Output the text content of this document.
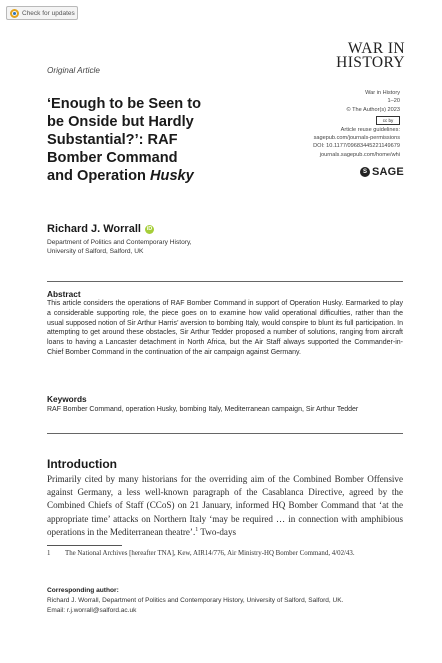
Check for updates
Original Article
WAR IN
HISTORY
‘Enough to be Seen to
be Onside but Hardly
Substantial?’: RAF
Bomber Command
and Operation Husky
War in History
1–20
© The Author(s) 2023
cc by
Article reuse guidelines:
sagepub.com/journals-permissions
DOI: 10.1177/09683445221149679
journals.sagepub.com/home/whi
S SAGE
Richard J. Worrall	iD
Department of Politics and Contemporary History,
University of Salford, Salford, UK
Abstract
This article considers the operations of RAF Bomber Command in support of Operation Husky. Earmarked to play a considerable supporting role, the piece goes on to examine how valid operational difficulties, rather than the usual supposed notion of Sir Arthur Harris’ aversion to bombing Italy, would conspire to blunt its full participation. In attempting to get around these obstacles, Sir Arthur Tedder proposed a number of solutions, ranging from aircraft loans to having a Lancaster detachment in North Africa, but the Air Staff always supported the Commander-in-Chief Bomber Command in the continuation of the air campaign against Germany.
Keywords
RAF Bomber Command, operation Husky, bombing Italy, Mediterranean campaign, Sir Arthur Tedder
Introduction
Primarily cited by many historians for the overriding aim of the Combined Bomber Offensive against Germany, a less well-known paragraph of the Casablanca Directive, agreed by the Combined Chiefs of Staff (CCoS) on 21 January, informed HQ Bomber Command that ‘at the appropriate time’ attacks on Northern Italy ‘may be required … in connection with amphibious operations in the Mediterranean theatre’.$^1$ Two-days
1	The National Archives [hereafter TNA], Kew, AIR14/776, Air Ministry-HQ Bomber Command, 4/02/43.
Corresponding author:
Richard J. Worrall, Department of Politics and Contemporary History, University of Salford, Salford, UK.
Email: r.j.worrall@salford.ac.uk
